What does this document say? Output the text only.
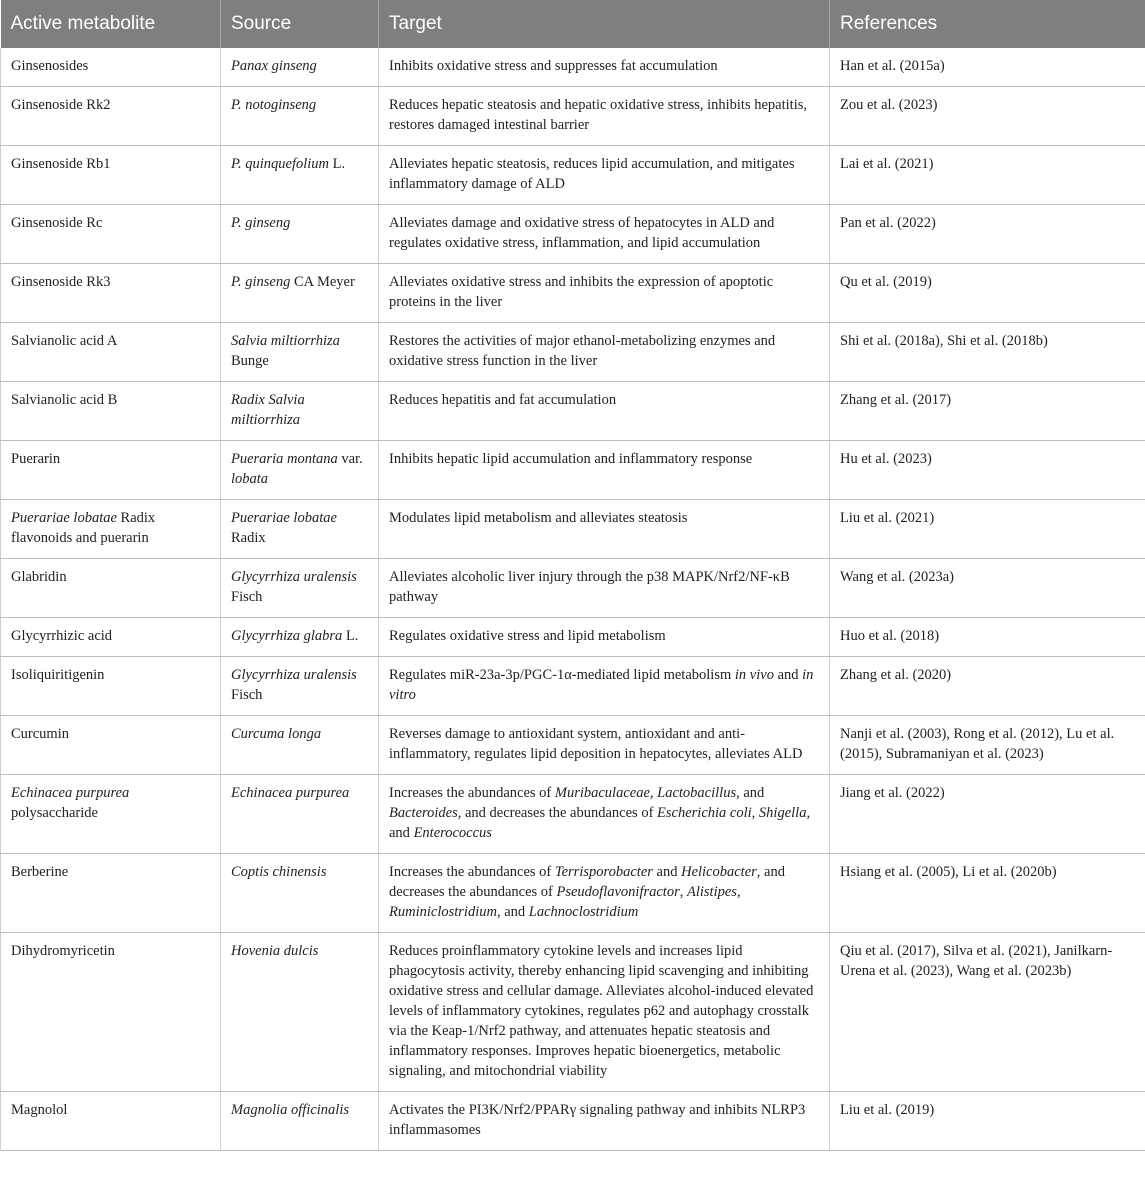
Active metabolite	Source	Target	References
Ginsenosides	Panax ginseng	Inhibits oxidative stress and suppresses fat accumulation	Han et al. (2015a)
Ginsenoside Rk2	P. notoginseng	Reduces hepatic steatosis and hepatic oxidative stress, inhibits hepatitis, restores damaged intestinal barrier	Zou et al. (2023)
Ginsenoside Rb1	P. quinquefolium L.	Alleviates hepatic steatosis, reduces lipid accumulation, and mitigates inflammatory damage of ALD	Lai et al. (2021)
Ginsenoside Rc	P. ginseng	Alleviates damage and oxidative stress of hepatocytes in ALD and regulates oxidative stress, inflammation, and lipid accumulation	Pan et al. (2022)
Ginsenoside Rk3	P. ginseng CA Meyer	Alleviates oxidative stress and inhibits the expression of apoptotic proteins in the liver	Qu et al. (2019)
Salvianolic acid A	Salvia miltiorrhiza Bunge	Restores the activities of major ethanol-metabolizing enzymes and oxidative stress function in the liver	Shi et al. (2018a), Shi et al. (2018b)
Salvianolic acid B	Radix Salvia miltiorrhiza	Reduces hepatitis and fat accumulation	Zhang et al. (2017)
Puerarin	Pueraria montana var. lobata	Inhibits hepatic lipid accumulation and inflammatory response	Hu et al. (2023)
Puerariae lobatae Radix flavonoids and puerarin	Puerariae lobatae Radix	Modulates lipid metabolism and alleviates steatosis	Liu et al. (2021)
Glabridin	Glycyrrhiza uralensis Fisch	Alleviates alcoholic liver injury through the p38 MAPK/Nrf2/NF-κB pathway	Wang et al. (2023a)
Glycyrrhizic acid	Glycyrrhiza glabra L.	Regulates oxidative stress and lipid metabolism	Huo et al. (2018)
Isoliquiritigenin	Glycyrrhiza uralensis Fisch	Regulates miR-23a-3p/PGC-1α-mediated lipid metabolism in vivo and in vitro	Zhang et al. (2020)
Curcumin	Curcuma longa	Reverses damage to antioxidant system, antioxidant and anti-inflammatory, regulates lipid deposition in hepatocytes, alleviates ALD	Nanji et al. (2003), Rong et al. (2012), Lu et al. (2015), Subramaniyan et al. (2023)
Echinacea purpurea polysaccharide	Echinacea purpurea	Increases the abundances of Muribaculaceae, Lactobacillus, and Bacteroides, and decreases the abundances of Escherichia coli, Shigella, and Enterococcus	Jiang et al. (2022)
Berberine	Coptis chinensis	Increases the abundances of Terrisporobacter and Helicobacter, and decreases the abundances of Pseudoflavonifractor, Alistipes, Ruminiclostridium, and Lachnoclostridium	Hsiang et al. (2005), Li et al. (2020b)
Dihydromyricetin	Hovenia dulcis	Reduces proinflammatory cytokine levels and increases lipid phagocytosis activity, thereby enhancing lipid scavenging and inhibiting oxidative stress and cellular damage. Alleviates alcohol-induced elevated levels of inflammatory cytokines, regulates p62 and autophagy crosstalk via the Keap-1/Nrf2 pathway, and attenuates hepatic steatosis and inflammatory responses. Improves hepatic bioenergetics, metabolic signaling, and mitochondrial viability	Qiu et al. (2017), Silva et al. (2021), Janilkarn-Urena et al. (2023), Wang et al. (2023b)
Magnolol	Magnolia officinalis	Activates the PI3K/Nrf2/PPARγ signaling pathway and inhibits NLRP3 inflammasomes	Liu et al. (2019)
